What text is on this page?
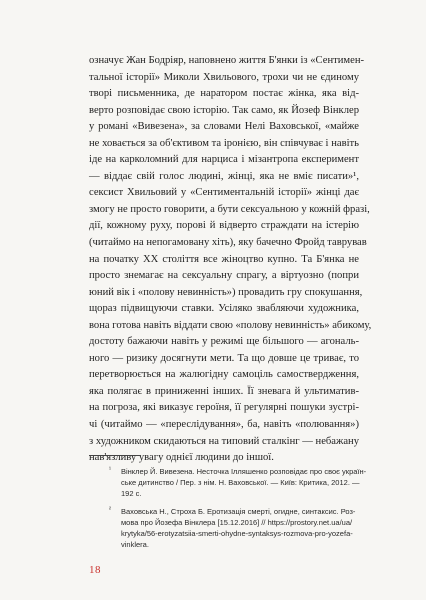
означує Жан Бодріяр, наповнено життя Б'янки із «Сентимен-
тальної історії» Миколи Хвильового, трохи чи не єдиному
творі письменника, де наратором постає жінка, яка від-
верто розповідає свою історію. Так само, як Йозеф Вінклер
у романі «Вивезена», за словами Нелі Ваховської, «майже
не ховається за об'єктивом та іронією, він співчуває і навіть
іде на карколомний для нарциса і мізантропа експеримент
— віддає свій голос людині, жінці, яка не вміє писати»¹,
сексист Хвильовий у «Сентиментальній історії» жінці дає
змогу не просто говорити, а бути сексуальною у кожній фразі,
дії, кожному руху, порові й відверто страждати на істерію
(читаймо на непогамовану хіть), яку бачечно Фройд таврував
на початку ХХ століття все жіноцтво купно. Та Б'янка не
просто знемагає на сексуальну спрагу, а віртуозно (попри
юний вік і «полову невинність») провадить гру спокушання,
щораз підвищуючи ставки. Усіляко звабляючи художника,
вона готова навіть віддати свою «полову невинність» абикому,
достоту бажаючи навіть у режимі ще більшого — агональ-
ного — ризику досягнути мети. Та що довше це триває, то
перетворюється на жалюгідну самоціль самоствердження,
яка полягає в приниженні інших. Її зневага й ультиматив-
на погроза, які виказує героїня, її регулярні пошуки зустрі-
чі (читаймо — «переслідування», ба, навіть «полювання»)
з художником скидаються на типовий сталкінг — небажану
нав'язливу увагу однієї людини до іншої.
¹ Вінклер Й. Вивезена. Несточка Ілляшенко розповідає про своє україн-
ське дитинство / Пер. з нім. Н. Ваховської. — Київ: Критика, 2012. —
192 с.
² Ваховська Н., Строха Б. Еротизація смерті, огидне, синтаксис. Роз-
мова про Йозефа Вінклера [15.12.2016] // https://prostory.net.ua/ua/
krytyka/56-erotyzatsiia-smerti-ohydne-syntaksys-rozmova-pro-yozefa-
vinklera.
18
